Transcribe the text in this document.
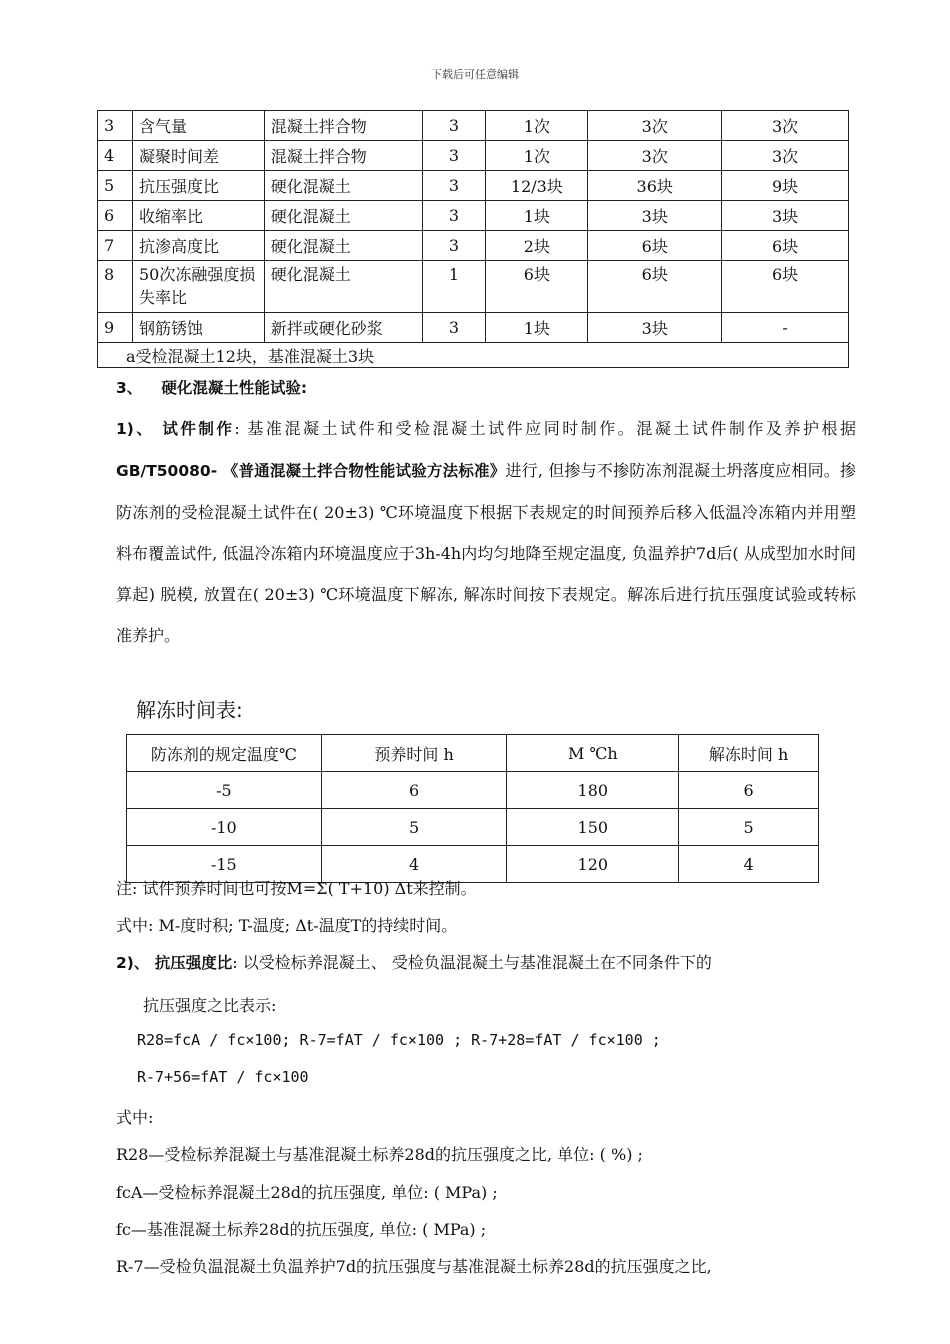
下载后可任意编辑
3	含气量	混凝土拌合物	3	1次	3次	3次
4	凝聚时间差	混凝土拌合物	3	1次	3次	3次
5	抗压强度比	硬化混凝土	3	12/3块	36块	9块
6	收缩率比	硬化混凝土	3	1块	3块	3块
7	抗渗高度比	硬化混凝土	3	2块	6块	6块
8	50次冻融强度损失率比	硬化混凝土	1	6块	6块	6块
9	钢筋锈蚀	新拌或硬化砂浆	3	1块	3块	-
a受检混凝土12块，基准混凝土3块						
3、 硬化混凝土性能试验:
1)、 试件制作: 基准混凝土试件和受检混凝土试件应同时制作。混凝土试件制作及养护根据GB/T50080- 《普通混凝土拌合物性能试验方法标准》进行, 但掺与不掺防冻剂混凝土坍落度应相同。掺防冻剂的受检混凝土试件在( 20±3) ℃环境温度下根据下表规定的时间预养后移入低温冷冻箱内并用塑料布覆盖试件, 低温冷冻箱内环境温度应于3h-4h内均匀地降至规定温度, 负温养护7d后( 从成型加水时间算起) 脱模, 放置在( 20±3) ℃环境温度下解冻, 解冻时间按下表规定。解冻后进行抗压强度试验或转标准养护。
解冻时间表:
防冻剂的规定温度℃	预养时间 h	M ℃h	解冻时间 h
-5	6	180	6
-10	5	150	5
-15	4	120	4
注: 试件预养时间也可按M=Σ( T+10) Δt来控制。
式中: M-度时积; T-温度; Δt-温度T的持续时间。
2)、 抗压强度比: 以受检标养混凝土、 受检负温混凝土与基准混凝土在不同条件下的
抗压强度之比表示:
R28=fcA / fc×100; R-7=fAT / fc×100 ; R-7+28=fAT / fc×100 ;
R-7+56=fAT / fc×100
式中:
R28—受检标养混凝土与基准混凝土标养28d的抗压强度之比, 单位: ( %) ;
fcA—受检标养混凝土28d的抗压强度, 单位: ( MPa) ;
fc—基准混凝土标养28d的抗压强度, 单位: ( MPa) ;
R-7—受检负温混凝土负温养护7d的抗压强度与基准混凝土标养28d的抗压强度之比,
